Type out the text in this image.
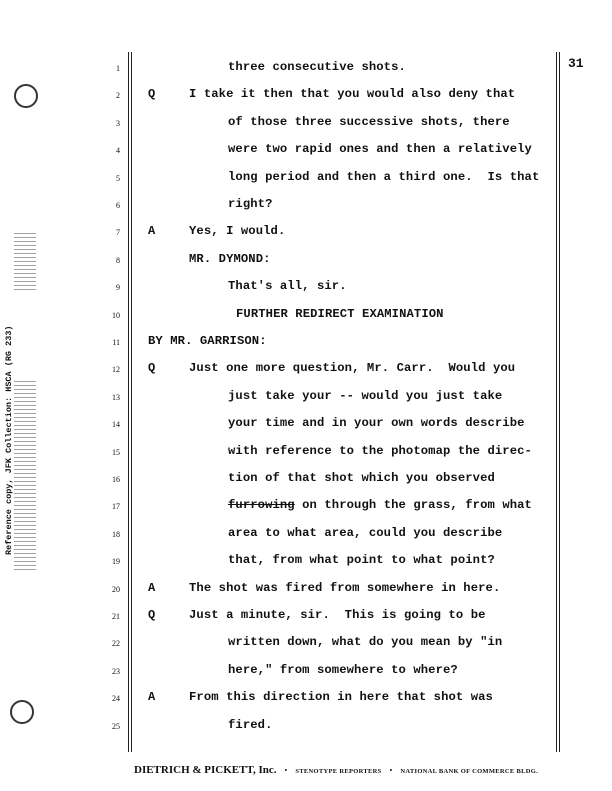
Reference copy, JFK Collection: HSCA (RG 233)
31
1	three consecutive shots.
2 Q	I take it then that you would also deny that
3	of those three successive shots, there
4	were two rapid ones and then a relatively
5	long period and then a third one.  Is that
6	right?
7 A	Yes, I would.
8	MR. DYMOND:
9	That's all, sir.
10	FURTHER REDIRECT EXAMINATION
11 BY MR. GARRISON:
12 Q	Just one more question, Mr. Carr.  Would you
13	just take your -- would you just take
14	your time and in your own words describe
15	with reference to the photomap the direc-
16	tion of that shot which you observed
17	furrowing on through the grass, from what
18	area to what area, could you describe
19	that, from what point to what point?
20 A	The shot was fired from somewhere in here.
21 Q	Just a minute, sir.  This is going to be
22	written down, what do you mean by "in
23	here," from somewhere to where?
24 A	From this direction in here that shot was
25	fired.
DIETRICH & PICKETT, Inc. • STENOTYPE REPORTERS • NATIONAL BANK OF COMMERCE BLDG.
